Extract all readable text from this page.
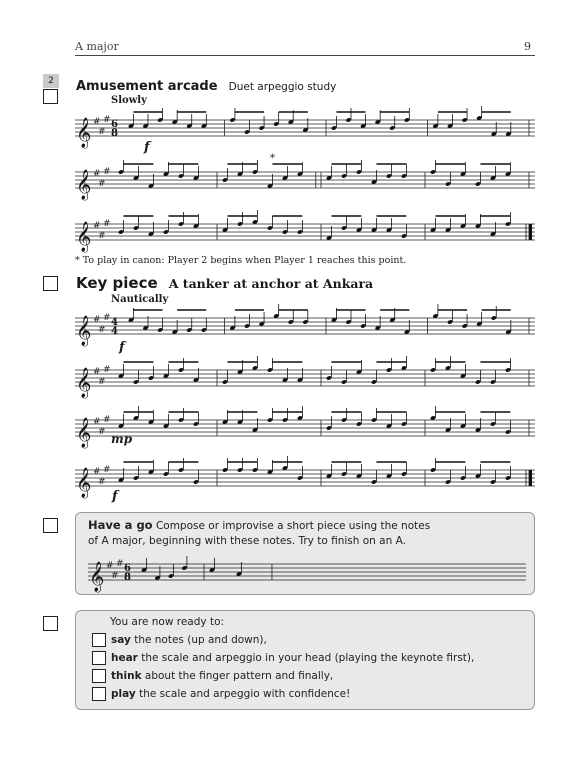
A major	9
2	Amusement arcade Duet arpeggio study
Slowly
𝄞 #
#
# 6
8
f
𝄞 #
#
#
*
𝄞 #
#
#
* To play in canon: Player 2 begins when Player 1 reaches this point.
Key piece A tanker at anchor at Ankara
Nautically
𝄞 #
#
# 4
4
f
𝄞 #
#
#
𝄞 #
#
#
mp
𝄞 #
#
#
f
Have a go Compose or improvise a short piece using the notes
of A major, beginning with these notes. Try to finish on an A.
𝄞 #
#
# 6
8
You are now ready to:
say
the notes (up and down),
hear
the scale and arpeggio in your head (playing the keynote first),
think
about the finger pattern and finally,
play
the scale and arpeggio with confidence!
